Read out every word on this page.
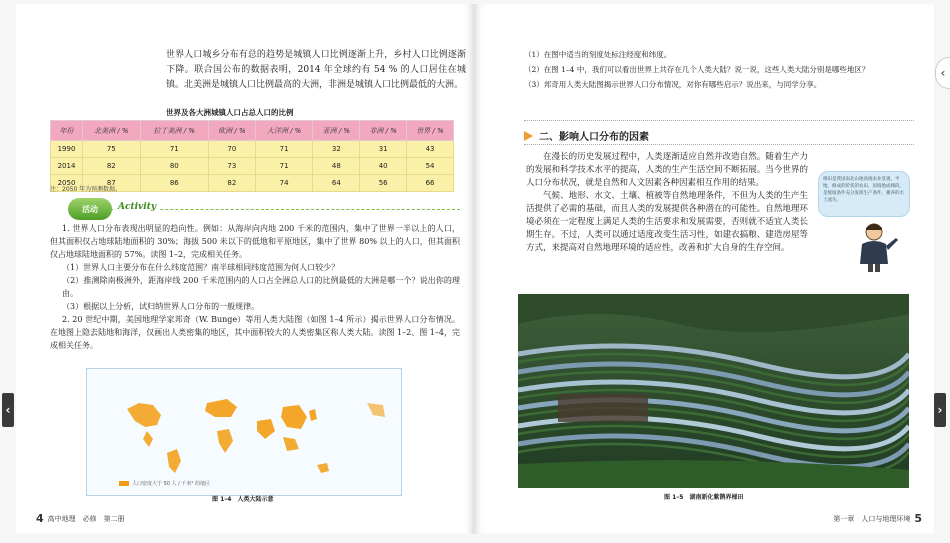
世界人口城乡分布有总的趋势是城镇人口比例逐渐上升，乡村人口比例逐渐下降。联合国公布的数据表明，2014 年全球约有 54 % 的人口居住在城镇。北美洲是城镇人口比例最高的大洲，非洲是城镇人口比例最低的大洲。
世界及各大洲城镇人口占总人口的比例
年份	北美洲 / %	拉丁美洲 / %	欧洲 / %	大洋洲 / %	亚洲 / %	非洲 / %	世界 / %
1990	75	71	70	71	32	31	43
2014	82	80	73	71	48	40	54
2050	87	86	82	74	64	56	66
注：2050 年为预测数据。
活动	Activity

1. 世界人口分布表现出明显的趋向性。例如：从海岸向内地 200 千米的范围内，集中了世界一半以上的人口，但其面积仅占地球陆地面积的 30%；海拔 500 米以下的低地和平原地区，集中了世界 80% 以上的人口，但其面积仅占地球陆地面积的 57%。读图 1–2，完成相关任务。

（1）世界人口主要分布在什么纬度范围？南半球相同纬度范围为何人口较少？

（2）推测除南极洲外，距海岸线 200 千米范围内的人口占全洲总人口的比例最低的大洲是哪一个？说出你的理由。

（3）根据以上分析，试归纳世界人口分布的一般规律。

2. 20 世纪中期，美国地理学家邦奇（W. Bunge）等用人类大陆图（如图 1–4 所示）揭示世界人口分布情况。在地图上隐去陆地和海洋，仅画出人类密集的地区，其中面积较大的人类密集区称人类大陆。读图 1–2、图 1–4，完成相关任务。

人口密度大于 50 人 / 千米² 的地区
图 1–4　人类大陆示意
4 高中地理　必修　第二册

（1）在图中适当的刻度处标注经度和纬度。

（2）在图 1–4 中，我们可以看出世界上共存在几个人类大陆？说一说，这些人类大陆分别是哪些地区？

（3）邦奇用人类大陆图揭示世界人口分布情况，对你有哪些启示？说出来，与同学分享。

二、影响人口分布的因素

在漫长的历史发展过程中，人类逐渐适应自然并改造自然。随着生产力的发展和科学技术水平的提高，人类的生产生活空间不断拓展。当今世界的人口分布状况，就是自然和人文因素各种因素相互作用的结果。

气候、地形、水文、土壤、植被等自然地理条件，不但为人类的生产生活提供了必需的基础，而且人类的发展提供各种潜在的可能性。自然地理环境必须在一定程度上满足人类的生活要求和发展需要，否则就不适宜人类长期生存。不过，人类可以通过适度改变生活习性，如建衣搞粮、建造房屋等方式，来提高对自然地理环境的适应性，改善和扩大自身的生存空间。

梯田是我国南北山地高地农业景观，平地，修成的阶状的农田，因坡地成梯段，是缓坡条件充分发挥生产条件，蓄养的水土流失。
图 1–5　湖南新化紫鹊界梯田
第一章　人口与地理环境 5
‹	›
‹
